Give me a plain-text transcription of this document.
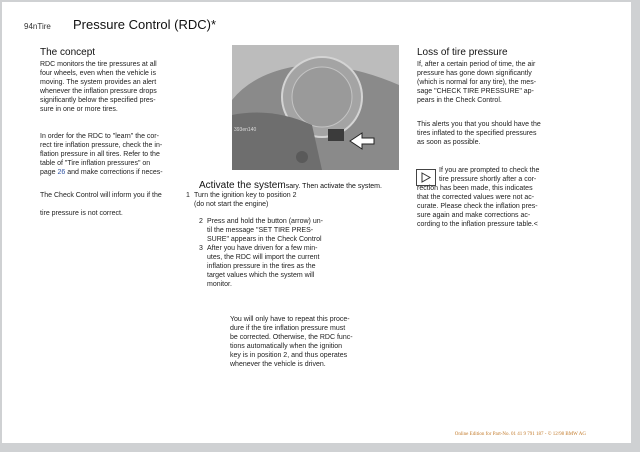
94nTire Pressure Control (RDC)*
The concept
RDC monitors the tire pressures at all
four wheels, even when the vehicle is
moving. The system provides an alert
whenever the inflation pressure drops
significantly below the specified pres-
sure in one or more tires.
In order for the RDC to "learn" the cor-
rect tire inflation pressure, check the in-
flation pressure in all tires. Refer to the
table of "Tire inflation pressures" on
page 26 and make corrections if neces-
The Check Control will inform you if the
tire pressure is not correct.
393en140
Activate the systemsary. Then activate the system.
1 Turn the ignition key to position 2
(do not start the engine)
2 Press and hold the button (arrow) un-
til the message "SET TIRE PRES-
SURE" appears in the Check Control
3 After you have driven for a few min-
utes, the RDC will import the current
inflation pressure in the tires as the
target values which the system will
monitor.
You will only have to repeat this proce-
dure if the tire inflation pressure must
be corrected. Otherwise, the RDC func-
tions automatically when the ignition
key is in position 2, and thus operates
whenever the vehicle is driven.
Loss of tire pressure
If, after a certain period of time, the air
pressure has gone down significantly
(which is normal for any tire), the mes-
sage "CHECK TIRE PRESSURE" ap-
pears in the Check Control.
This alerts you that you should have the
tires inflated to the specified pressures
as soon as possible.
If you are prompted to check the
tire pressure shortly after a cor-
rection has been made, this indicates
that the corrected values were not ac-
curate. Please check the inflation pres-
sure again and make corrections ac-
cording to the inflation pressure table.<
Online Edition for Part-No. 01 41 9 791 187 - © 12/98 BMW AG
